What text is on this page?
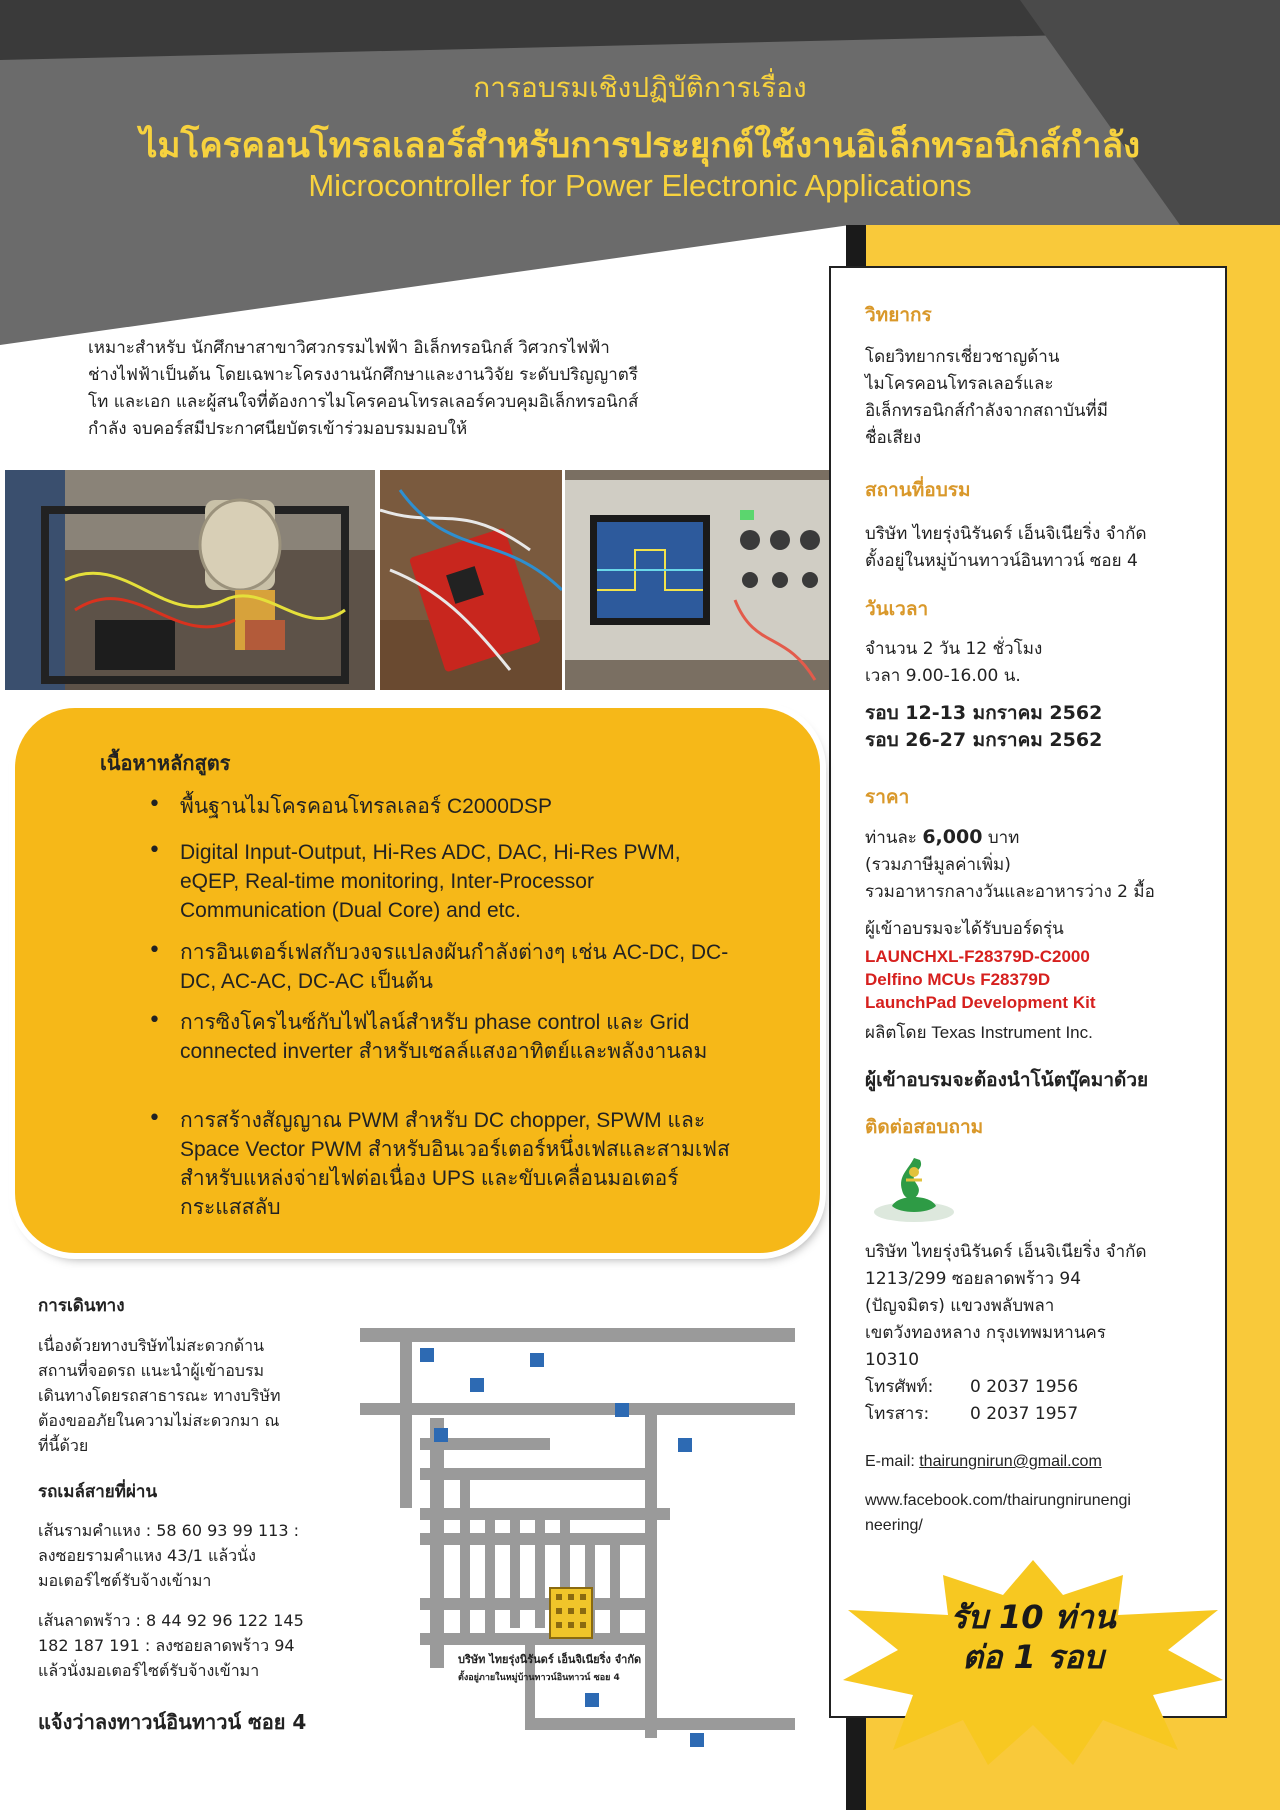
การอบรมเชิงปฏิบัติการเรื่อง
ไมโครคอนโทรลเลอร์สำหรับการประยุกต์ใช้งานอิเล็กทรอนิกส์กำลัง
Microcontroller for Power Electronic Applications
วิทยากร
โดยวิทยากรเชี่ยวชาญด้าน
ไมโครคอนโทรลเลอร์และ
อิเล็กทรอนิกส์กำลังจากสถาบันที่มี
ชื่อเสียง
สถานที่อบรม
บริษัท ไทยรุ่งนิรันดร์ เอ็นจิเนียริ่ง จำกัด
ตั้งอยู่ในหมู่บ้านทาวน์อินทาวน์ ซอย 4
วันเวลา
จำนวน 2 วัน 12 ชั่วโมง
เวลา 9.00-16.00 น.
รอบ 12-13 มกราคม 2562
รอบ 26-27 มกราคม 2562
ราคา
ท่านละ 6,000 บาท
(รวมภาษีมูลค่าเพิ่ม)
รวมอาหารกลางวันและอาหารว่าง 2 มื้อ
ผู้เข้าอบรมจะได้รับบอร์ดรุ่น
LAUNCHXL-F28379D-C2000
Delfino MCUs F28379D
LaunchPad Development Kit
ผลิตโดย Texas Instrument Inc.
ผู้เข้าอบรมจะต้องนำโน้ตบุ๊คมาด้วย
ติดต่อสอบถาม
บริษัท ไทยรุ่งนิรันดร์ เอ็นจิเนียริ่ง จำกัด
1213/299 ซอยลาดพร้าว 94
(ปัญจมิตร) แขวงพลับพลา
เขตวังทองหลาง กรุงเทพมหานคร
10310
โทรศัพท์: 0 2037 1956
โทรสาร: 0 2037 1957
E-mail: thairungnirun@gmail.com
www.facebook.com/thairungnirunengi
neering/
รับ 10 ท่าน
ต่อ 1 รอบ
เหมาะสำหรับ นักศึกษาสาขาวิศวกรรมไฟฟ้า อิเล็กทรอนิกส์ วิศวกรไฟฟ้า
ช่างไฟฟ้าเป็นต้น โดยเฉพาะโครงงานนักศึกษาและงานวิจัย ระดับปริญญาตรี
โท และเอก และผู้สนใจที่ต้องการไมโครคอนโทรลเลอร์ควบคุมอิเล็กทรอนิกส์
กำลัง จบคอร์สมีประกาศนียบัตรเข้าร่วมอบรมมอบให้
เนื้อหาหลักสูตร
• พื้นฐานไมโครคอนโทรลเลอร์ C2000DSP
• Digital Input-Output, Hi-Res ADC, DAC, Hi-Res PWM, eQEP, Real-time monitoring, Inter-Processor Communication (Dual Core) and etc.
• การอินเตอร์เฟสกับวงจรแปลงผันกำลังต่างๆ เช่น AC-DC, DC-DC, AC-AC, DC-AC เป็นต้น
• การซิงโครไนซ์กับไฟไลน์สำหรับ phase control และ Grid connected inverter สำหรับเซลล์แสงอาทิตย์และพลังงานลม
• การสร้างสัญญาณ PWM สำหรับ DC chopper, SPWM และ Space Vector PWM สำหรับอินเวอร์เตอร์หนึ่งเฟสและสามเฟสสำหรับแหล่งจ่ายไฟต่อเนื่อง UPS และขับเคลื่อนมอเตอร์กระแสสลับ
การเดินทาง
เนื่องด้วยทางบริษัทไม่สะดวกด้าน
สถานที่จอดรถ แนะนำผู้เข้าอบรม
เดินทางโดยรถสาธารณะ ทางบริษัท
ต้องขออภัยในความไม่สะดวกมา ณ
ที่นี้ด้วย
รถเมล์สายที่ผ่าน
เส้นรามคำแหง : 58 60 93 99 113 :
ลงซอยรามคำแหง 43/1 แล้วนั่ง
มอเตอร์ไซต์รับจ้างเข้ามา
เส้นลาดพร้าว : 8 44 92 96 122 145
182 187 191 : ลงซอยลาดพร้าว 94
แล้วนั่งมอเตอร์ไซต์รับจ้างเข้ามา
แจ้งว่าลงทาวน์อินทาวน์ ซอย 4
บริษัท ไทยรุ่งนิรันดร์ เอ็นจิเนียริ่ง จำกัด
ตั้งอยู่ภายในหมู่บ้านทาวน์อินทาวน์ ซอย 4
